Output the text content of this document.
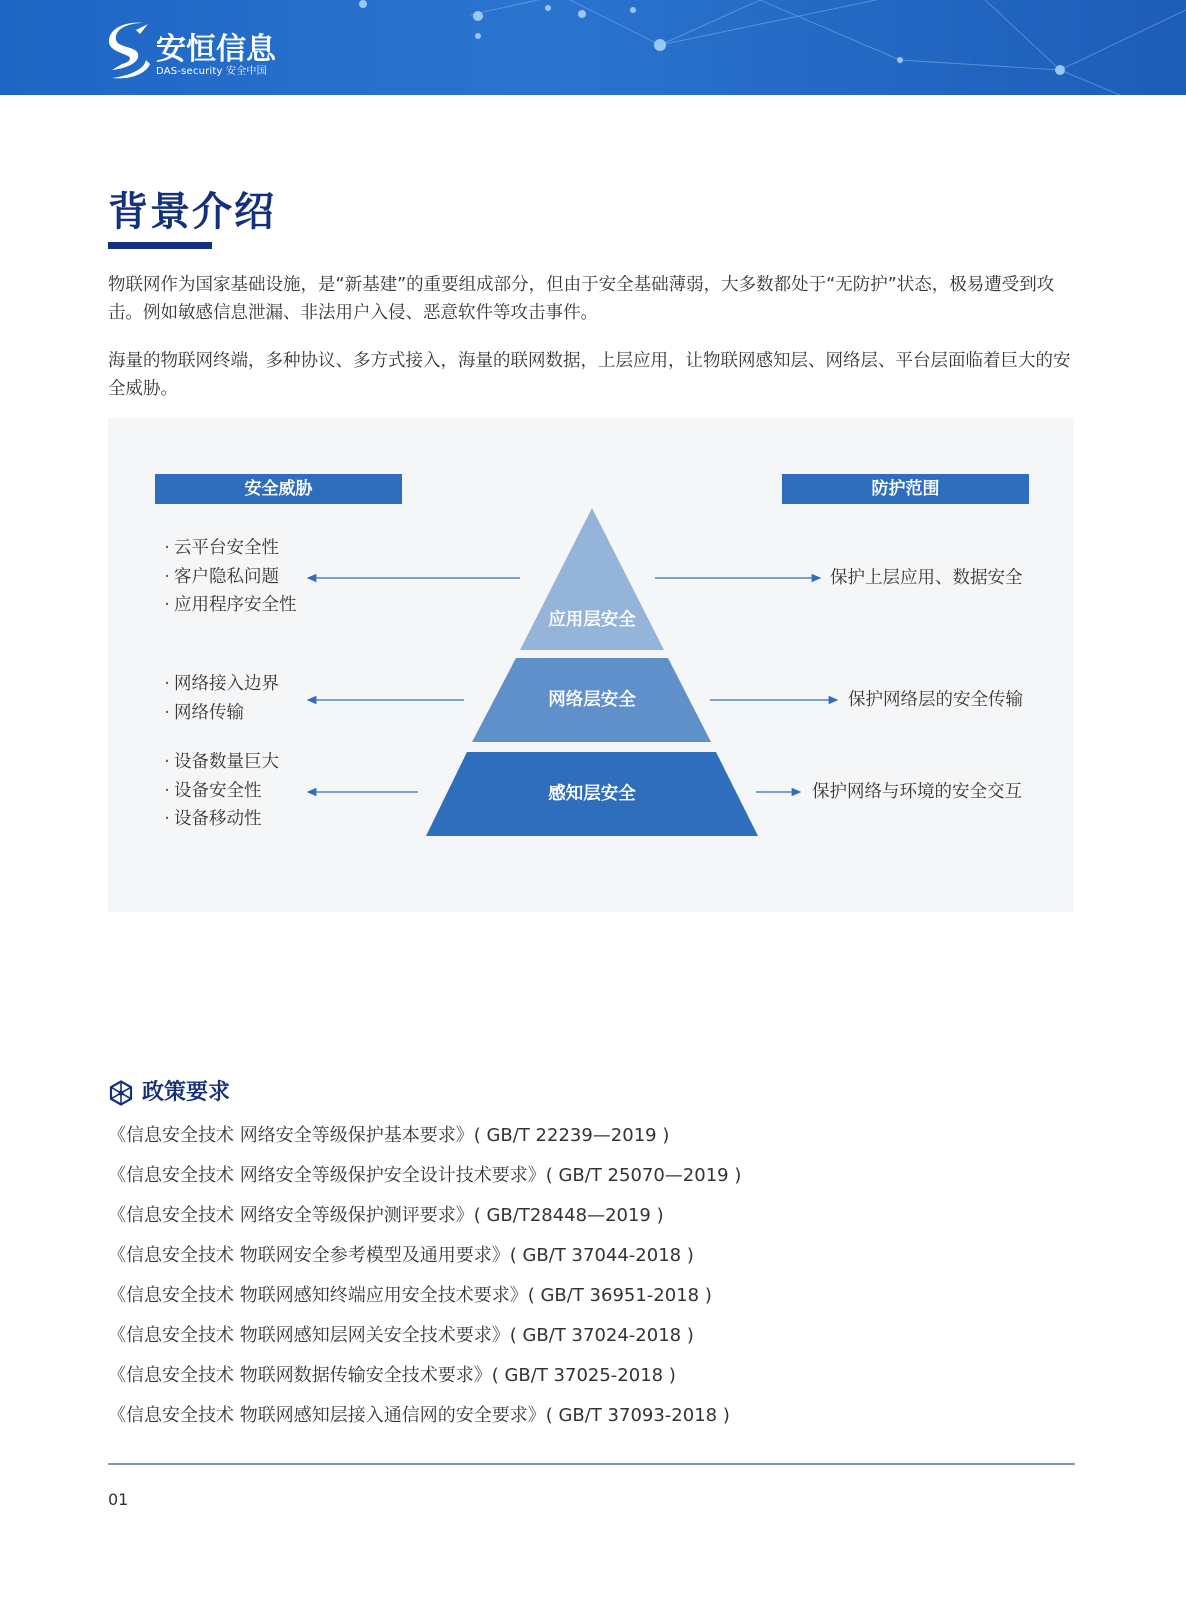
安恒信息
DAS-security 安全中国
背景介绍

物联网作为国家基础设施，是“新基建”的重要组成部分，但由于安全基础薄弱，大多数都处于“无防护”状态，极易遭受到攻击。例如敏感信息泄漏、非法用户入侵、恶意软件等攻击事件。

海量的物联网终端，多种协议、多方式接入，海量的联网数据，上层应用，让物联网感知层、网络层、平台层面临着巨大的安全威胁。

安全威胁	防护范围
应用层安全
网络层安全
感知层安全
· 云平台安全性
· 客户隐私问题
· 应用程序安全性
· 网络接入边界
· 网络传输
· 设备数量巨大
· 设备安全性
· 设备移动性
保护上层应用、数据安全
保护网络层的安全传输
保护网络与环境的安全交互
政策要求
《信息安全技术 网络安全等级保护基本要求》( GB/T 22239—2019 )
《信息安全技术 网络安全等级保护安全设计技术要求》( GB/T 25070—2019 )
《信息安全技术 网络安全等级保护测评要求》( GB/T28448—2019 )
《信息安全技术 物联网安全参考模型及通用要求》( GB/T 37044-2018 )
《信息安全技术 物联网感知终端应用安全技术要求》( GB/T 36951-2018 )
《信息安全技术 物联网感知层网关安全技术要求》( GB/T 37024-2018 )
《信息安全技术 物联网数据传输安全技术要求》( GB/T 37025-2018 )
《信息安全技术 物联网感知层接入通信网的安全要求》( GB/T 37093-2018 )
01
